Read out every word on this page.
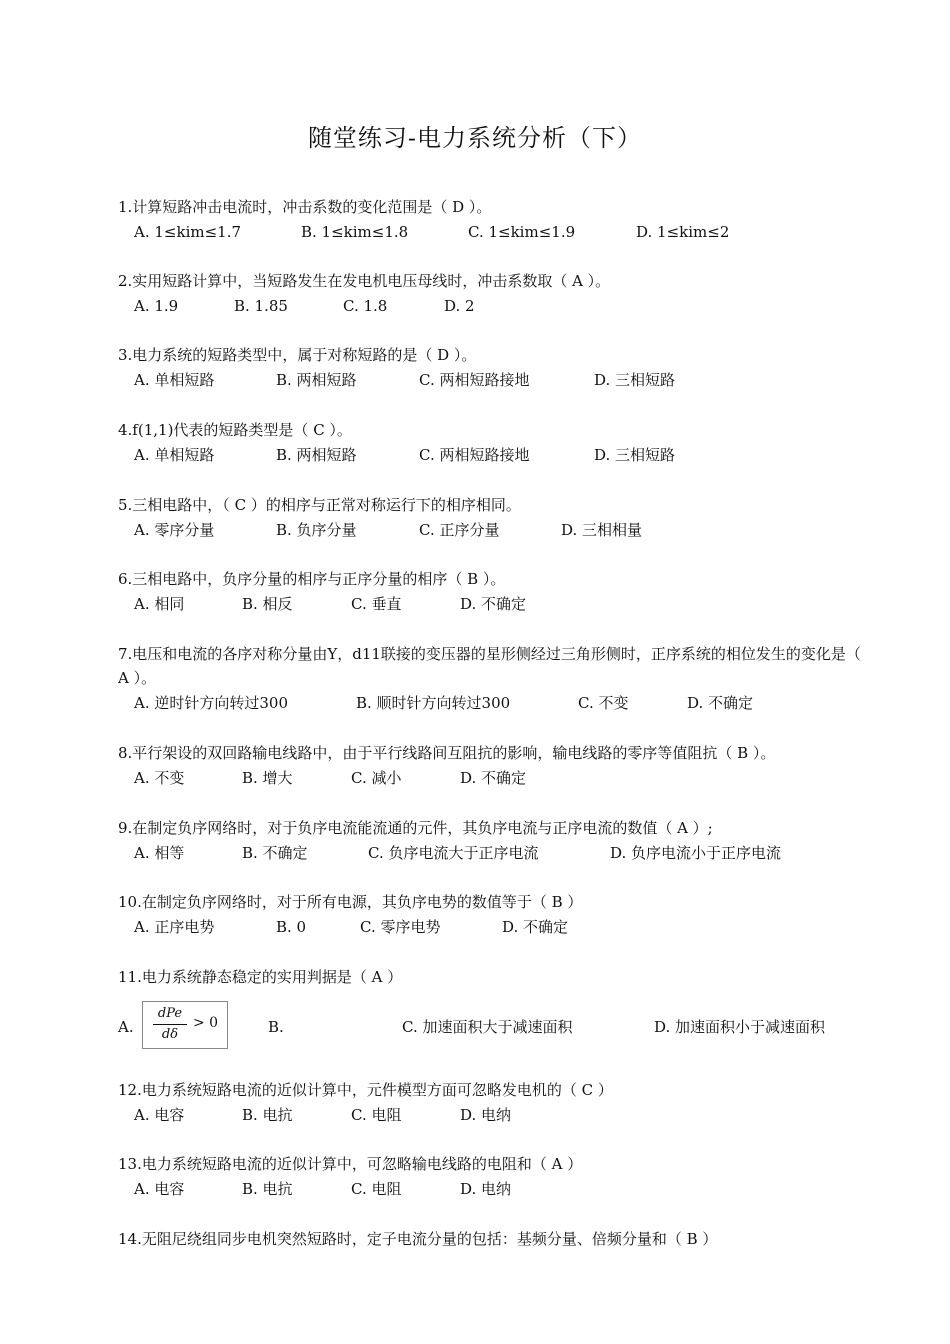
随堂练习-电力系统分析（下）
1.计算短路冲击电流时，冲击系数的变化范围是（ D ）。
A. 1≤kim≤1.7	B. 1≤kim≤1.8	C. 1≤kim≤1.9	D. 1≤kim≤2
2.实用短路计算中，当短路发生在发电机电压母线时，冲击系数取（ A ）。
A. 1.9	B. 1.85	C. 1.8	D. 2
3.电力系统的短路类型中，属于对称短路的是（ D ）。
A. 单相短路	B. 两相短路	C. 两相短路接地	D. 三相短路
4.f(1,1)代表的短路类型是（ C ）。
A. 单相短路	B. 两相短路	C. 两相短路接地	D. 三相短路
5.三相电路中，（ C ）的相序与正常对称运行下的相序相同。
A. 零序分量	B. 负序分量	C. 正序分量	D. 三相相量
6.三相电路中，负序分量的相序与正序分量的相序（ B ）。
A. 相同	B. 相反	C. 垂直	D. 不确定
7.电压和电流的各序对称分量由Y，d11联接的变压器的星形侧经过三角形侧时，正序系统的相位发生的变化是（ A ）。
A. 逆时针方向转过300	B. 顺时针方向转过300	C. 不变	D. 不确定
8.平行架设的双回路输电线路中，由于平行线路间互阻抗的影响，输电线路的零序等值阻抗（ B ）。
A. 不变	B. 增大	C. 减小	D. 不确定
9.在制定负序网络时，对于负序电流能流通的元件，其负序电流与正序电流的数值（ A ）;
A. 相等	B. 不确定	C. 负序电流大于正序电流	D. 负序电流小于正序电流
10.在制定负序网络时，对于所有电源，其负序电势的数值等于（ B ）
A. 正序电势	B. 0	C. 零序电势	D. 不确定
11.电力系统静态稳定的实用判据是（ A ）
A.
dPe
dδ
> 0	B.	C. 加速面积大于减速面积	D. 加速面积小于减速面积
12.电力系统短路电流的近似计算中，元件模型方面可忽略发电机的（ C ）
A. 电容	B. 电抗	C. 电阻	D. 电纳
13.电力系统短路电流的近似计算中，可忽略输电线路的电阻和（ A ）
A. 电容	B. 电抗	C. 电阻	D. 电纳
14.无阻尼绕组同步电机突然短路时，定子电流分量的包括：基频分量、倍频分量和（ B ）
